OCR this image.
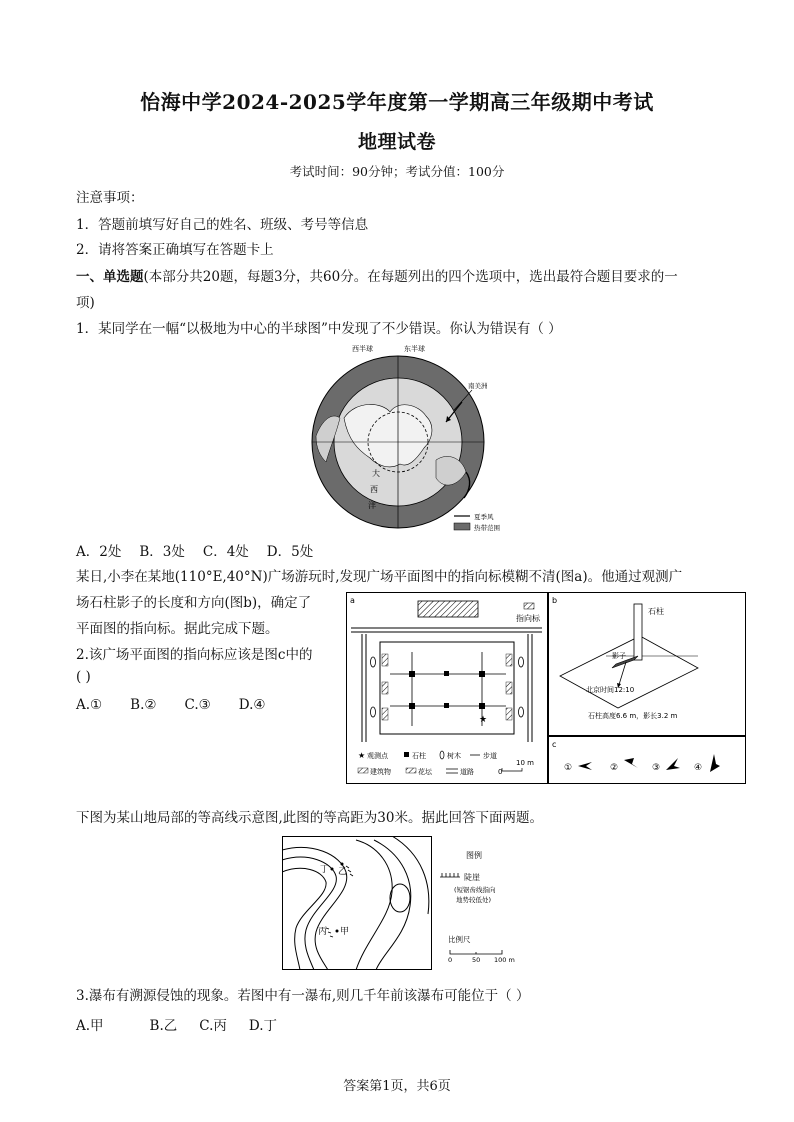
怡海中学2024-2025学年度第一学期高三年级期中考试
地理试卷
考试时间：90分钟；考试分值：100分
注意事项：
1．答题前填写好自己的姓名、班级、考号等信息
2．请将答案正确填写在答题卡上
一、单选题(本部分共20题，每题3分，共60分。在每题列出的四个选项中，选出最符合题目要求的一
项)
1．某同学在一幅“以极地为中心的半球图”中发现了不少错误。你认为错误有（ ）
西半球	东半球
大
西
洋
南美洲
夏季风
热带范围
A．2处 B．3处 C．4处 D．5处
某日,小李在某地(110°E,40°N)广场游玩时,发现广场平面图中的指向标模糊不清(图a)。他通过观测广
场石柱影子的长度和方向(图b)，确定了
平面图的指向标。据此完成下题。
2.该广场平面图的指向标应该是图c中的
( )
A.① B.② C.③ D.④
a
指向标
★
★ 观测点	石柱	树木	步道
建筑物	花坛	道路	0
10 m
b
石柱
影子
北京时间12:10
石柱高度6.6 m，影长3.2 m
c
①	②	③	④
下图为某山地局部的等高线示意图,此图的等高距为30米。据此回答下面两题。
丁 乙
丙 甲
图例
陡崖
(短锯齿线指向
地势较低处)
比例尺
0	50 100 m
3.瀑布有溯源侵蚀的现象。若图中有一瀑布,则几千年前该瀑布可能位于（ ）
A.甲	B.乙 C.丙 D.丁
答案第1页，共6页
